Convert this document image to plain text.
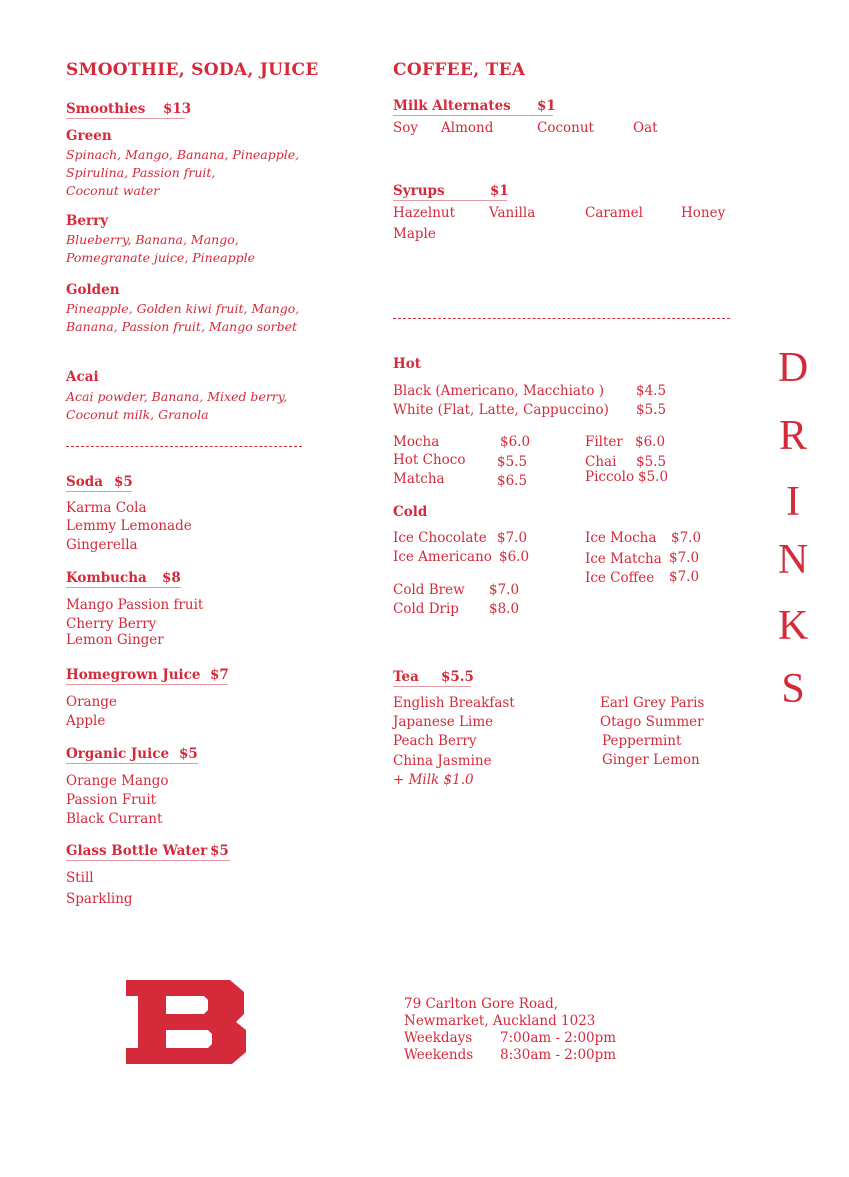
SMOOTHIE, SODA, JUICE
Smoothies $13
Green
Spinach, Mango, Banana, Pineapple,
Spirulina, Passion fruit,
Coconut water
Berry
Blueberry, Banana, Mango,
Pomegranate juice, Pineapple
Golden
Pineapple, Golden kiwi fruit, Mango,
Banana, Passion fruit, Mango sorbet
Acai
Acai powder, Banana, Mixed berry,
Coconut milk, Granola
Soda $5
Karma Cola
Lemmy Lemonade
Gingerella
Kombucha $8
Mango Passion fruit
Cherry Berry
Lemon Ginger
Homegrown Juice $7
Orange
Apple
Organic Juice $5
Orange Mango
Passion Fruit
Black Currant
Glass Bottle Water $5
Still
Sparkling
COFFEE, TEA
Milk Alternates $1
Soy Almond	Coconut	Oat
Syrups	$1
Hazelnut	Vanilla	Caramel	Honey
Maple
Hot
Black (Americano, Macchiato ) $4.5
White (Flat, Latte, Cappuccino) $5.5
Mocha	$6.0
Hot Choco $5.5
Matcha	$6.5
Filter $6.0
Chai $5.5
Piccolo $5.0
Cold
Ice Chocolate $7.0
Ice Americano $6.0
Ice Mocha $7.0
Ice Matcha $7.0
Ice Coffee $7.0
Cold Brew $7.0
Cold Drip $8.0
Tea $5.5
English Breakfast
Japanese Lime
Peach Berry
China Jasmine
+ Milk $1.0
Earl Grey Paris
Otago Summer
Peppermint
Ginger Lemon
D
R
I
N
K
S
79 Carlton Gore Road,
Newmarket, Auckland 1023
Weekdays 7:00am - 2:00pm
Weekends 8:30am - 2:00pm
